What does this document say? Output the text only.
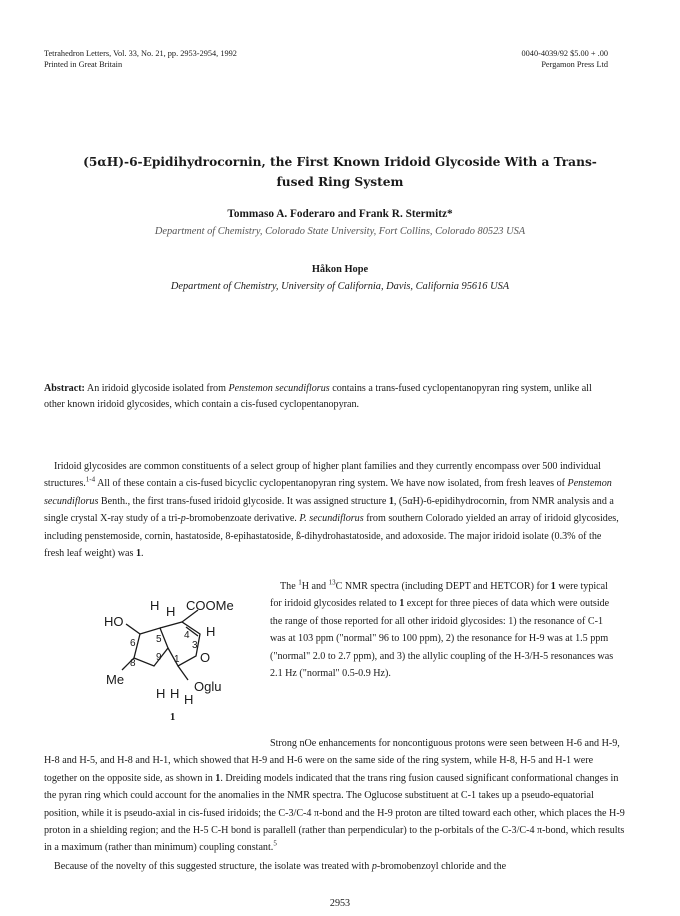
Tetrahedron Letters, Vol. 33, No. 21, pp. 2953-2954, 1992
Printed in Great Britain
0040-4039/92 $5.00 + .00
Pergamon Press Ltd
(5αH)-6-Epidihydrocornin, the First Known Iridoid Glycoside With a Trans-
fused Ring System
Tommaso A. Foderaro and Frank R. Stermitz*
Department of Chemistry, Colorado State University, Fort Collins, Colorado 80523 USA
Håkon Hope
Department of Chemistry, University of California, Davis, California 95616 USA
Abstract: An iridoid glycoside isolated from Penstemon secundiflorus contains a trans-fused cyclopentanopyran ring system, unlike all other known iridoid glycosides, which contain a cis-fused cyclopentanopyran.
Iridoid glycosides are common constituents of a select group of higher plant families and they currently encompass over 500 individual structures.$^{1-4}$ All of these contain a cis-fused bicyclic cyclopentanopyran ring system. We have now isolated, from fresh leaves of Penstemon secundiflorus Benth., the first trans-fused iridoid glycoside. It was assigned structure 1, (5αH)-6-epidihydrocornin, from NMR analysis and a single crystal X-ray study of a tri-p-bromobenzoate derivative. P. secundiflorus from southern Colorado yielded an array of iridoid glycosides, including penstemoside, cornin, hastatoside, 8-epihastatoside, ß-dihydrohastatoside, and adoxoside. The major iridoid isolate (0.3% of the fresh leaf weight) was 1.
HO
H H COOMe
H
H H H
Oglu
Me
O
4
6 5
3
8
9 1
1
The $^1$H and $^{13}$C NMR spectra (including DEPT and HETCOR) for 1 were typical for iridoid glycosides related to 1 except for three pieces of data which were outside the range of those reported for all other iridoid glycosides: 1) the resonance of C-1 was at 103 ppm ("normal" 96 to 100 ppm), 2) the resonance for H-9 was at 1.5 ppm ("normal" 2.0 to 2.7 ppm), and 3) the allylic coupling of the H-3/H-5 resonances was 2.1 Hz ("normal" 0.5-0.9 Hz).
Strong nOe enhancements for noncontiguous protons were seen between H-6 and H-9, H-8 and H-5, and H-8 and H-1, which showed that H-9 and H-6 were on the same side of the ring system, while H-8, H-5 and H-1 were together on the opposite side, as shown in 1. Dreiding models indicated that the trans ring fusion caused significant conformational changes in the pyran ring which could account for the anomalies in the NMR spectra. The Oglucose substituent at C-1 takes up a pseudo-equatorial position, while it is pseudo-axial in cis-fused iridoids; the C-3/C-4 π-bond and the H-9 proton are tilted toward each other, which places the H-9 proton in a shielding region; and the H-5 C-H bond is parallell (rather than perpendicular) to the p-orbitals of the C-3/C-4 π-bond, which results in a maximum (rather than minimum) coupling constant.$^5$
Because of the novelty of this suggested structure, the isolate was treated with p-bromobenzoyl chloride and the
2953
